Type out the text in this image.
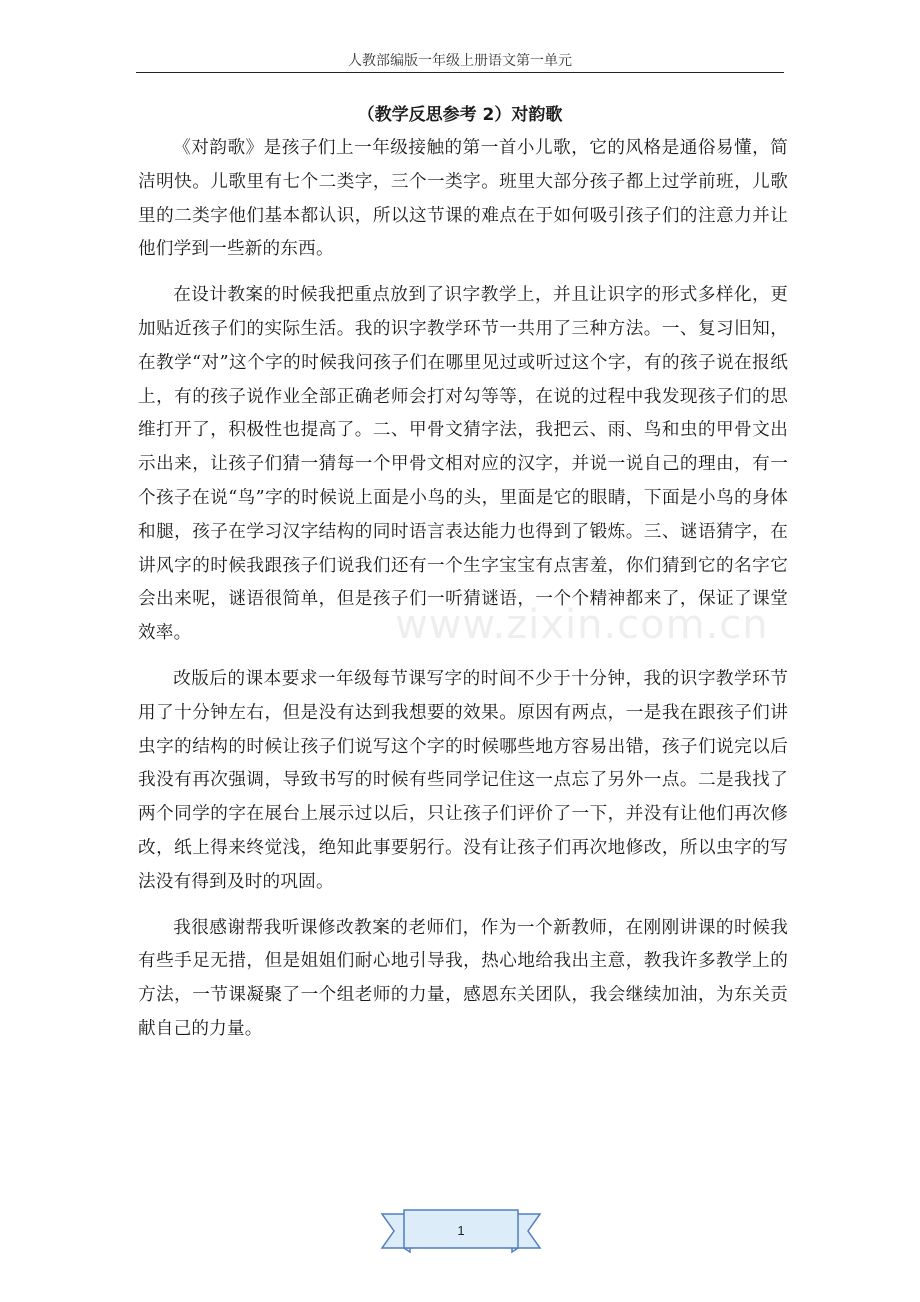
人教部编版一年级上册语文第一单元
（教学反思参考 2）对韵歌

《对韵歌》是孩子们上一年级接触的第一首小儿歌，它的风格是通俗易懂，简洁明快。儿歌里有七个二类字，三个一类字。班里大部分孩子都上过学前班，儿歌里的二类字他们基本都认识，所以这节课的难点在于如何吸引孩子们的注意力并让他们学到一些新的东西。

在设计教案的时候我把重点放到了识字教学上，并且让识字的形式多样化，更加贴近孩子们的实际生活。我的识字教学环节一共用了三种方法。一、复习旧知，在教学“对”这个字的时候我问孩子们在哪里见过或听过这个字，有的孩子说在报纸上，有的孩子说作业全部正确老师会打对勾等等，在说的过程中我发现孩子们的思维打开了，积极性也提高了。二、甲骨文猜字法，我把云、雨、鸟和虫的甲骨文出示出来，让孩子们猜一猜每一个甲骨文相对应的汉字，并说一说自己的理由，有一个孩子在说“鸟”字的时候说上面是小鸟的头，里面是它的眼睛，下面是小鸟的身体和腿，孩子在学习汉字结构的同时语言表达能力也得到了锻炼。三、谜语猜字，在讲风字的时候我跟孩子们说我们还有一个生字宝宝有点害羞，你们猜到它的名字它会出来呢，谜语很简单，但是孩子们一听猜谜语，一个个精神都来了，保证了课堂效率。

改版后的课本要求一年级每节课写字的时间不少于十分钟，我的识字教学环节用了十分钟左右，但是没有达到我想要的效果。原因有两点，一是我在跟孩子们讲虫字的结构的时候让孩子们说写这个字的时候哪些地方容易出错，孩子们说完以后我没有再次强调，导致书写的时候有些同学记住这一点忘了另外一点。二是我找了两个同学的字在展台上展示过以后，只让孩子们评价了一下，并没有让他们再次修改，纸上得来终觉浅，绝知此事要躬行。没有让孩子们再次地修改，所以虫字的写法没有得到及时的巩固。

我很感谢帮我听课修改教案的老师们，作为一个新教师，在刚刚讲课的时候我有些手足无措，但是姐姐们耐心地引导我，热心地给我出主意，教我许多教学上的方法，一节课凝聚了一个组老师的力量，感恩东关团队，我会继续加油，为东关贡献自己的力量。

www.zixin.com.cn
1
